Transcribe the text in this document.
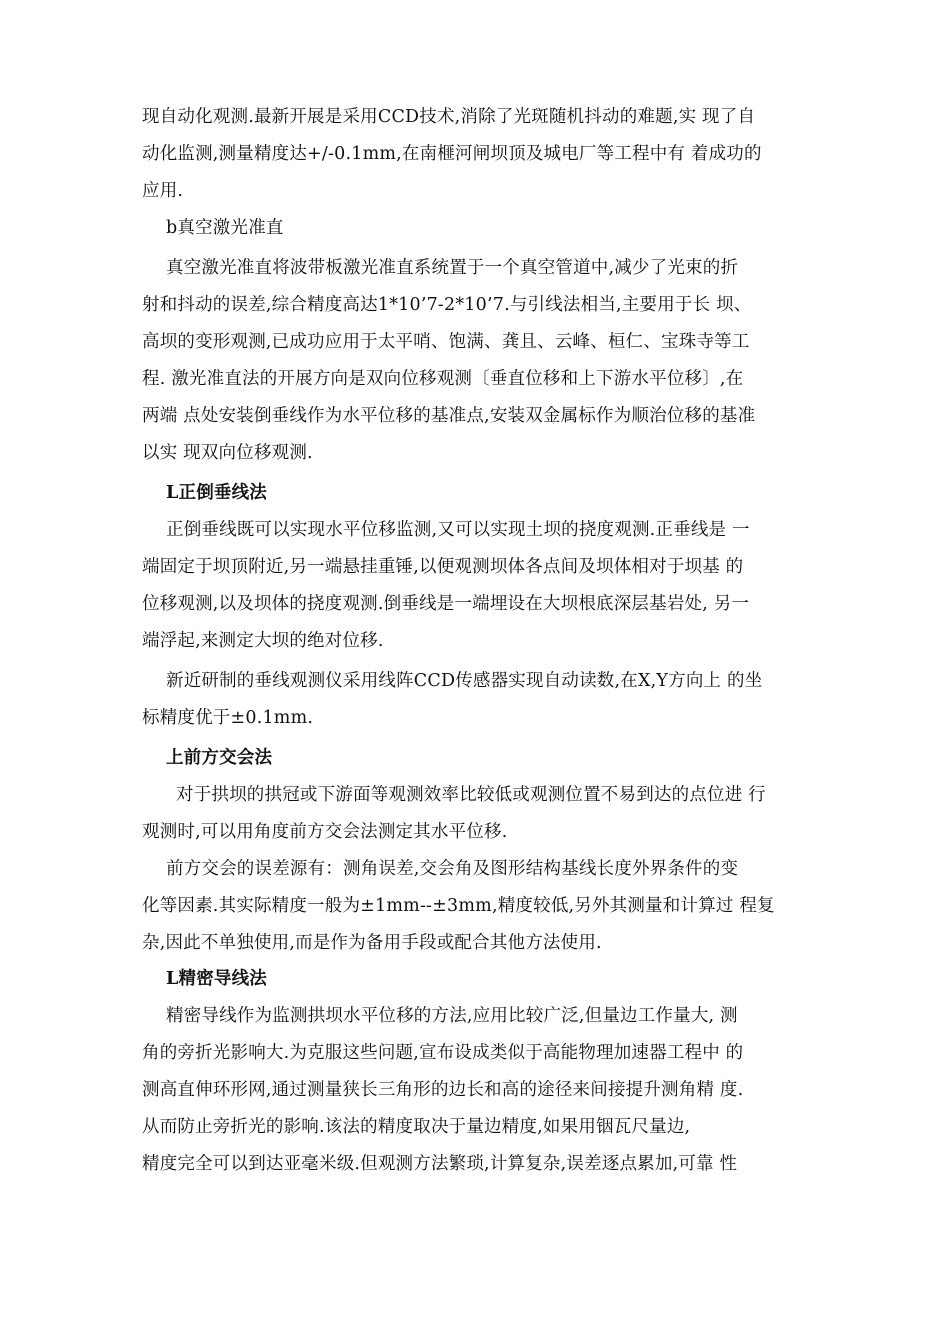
现自动化观测.最新开展是采用CCD技术,消除了光斑随机抖动的难题,实 现了自
动化监测,测量精度达+/-0.1mm,在南榧河闸坝顶及城电厂等工程中有 着成功的
应用.
b真空激光准直
真空激光准直将波带板激光准直系统置于一个真空管道中,减少了光束的折
射和抖动的误差,综合精度高达1*10’7-2*10’7.与引线法相当,主要用于长 坝、
高坝的变形观测,已成功应用于太平哨、饱满、龚且、云峰、桓仁、宝珠寺等工
程. 激光准直法的开展方向是双向位移观测〔垂直位移和上下游水平位移〕,在
两端 点处安装倒垂线作为水平位移的基准点,安装双金属标作为顺治位移的基准
以实 现双向位移观测.
L正倒垂线法
正倒垂线既可以实现水平位移监测,又可以实现土坝的挠度观测.正垂线是 一
端固定于坝顶附近,另一端悬挂重锤,以便观测坝体各点间及坝体相对于坝基 的
位移观测,以及坝体的挠度观测.倒垂线是一端埋设在大坝根底深层基岩处, 另一
端浮起,来测定大坝的绝对位移.
新近研制的垂线观测仪采用线阵CCD传感器实现自动读数,在X,Y方向上 的坐
标精度优于±0.1mm.
上前方交会法
对于拱坝的拱冠或下游面等观测效率比较低或观测位置不易到达的点位进 行
观测时,可以用角度前方交会法测定其水平位移.
前方交会的误差源有：测角误差,交会角及图形结构基线长度外界条件的变
化等因素.其实际精度一般为±1mm--±3mm,精度较低,另外其测量和计算过 程复
杂,因此不单独使用,而是作为备用手段或配合其他方法使用.
L精密导线法
精密导线作为监测拱坝水平位移的方法,应用比较广泛,但量边工作量大, 测
角的旁折光影响大.为克服这些问题,宣布设成类似于高能物理加速器工程中 的
测高直伸环形网,通过测量狭长三角形的边长和高的途径来间接提升测角精 度.
从而防止旁折光的影响.该法的精度取决于量边精度,如果用铟瓦尺量边,
精度完全可以到达亚毫米级.但观测方法繁琐,计算复杂,误差逐点累加,可靠 性
